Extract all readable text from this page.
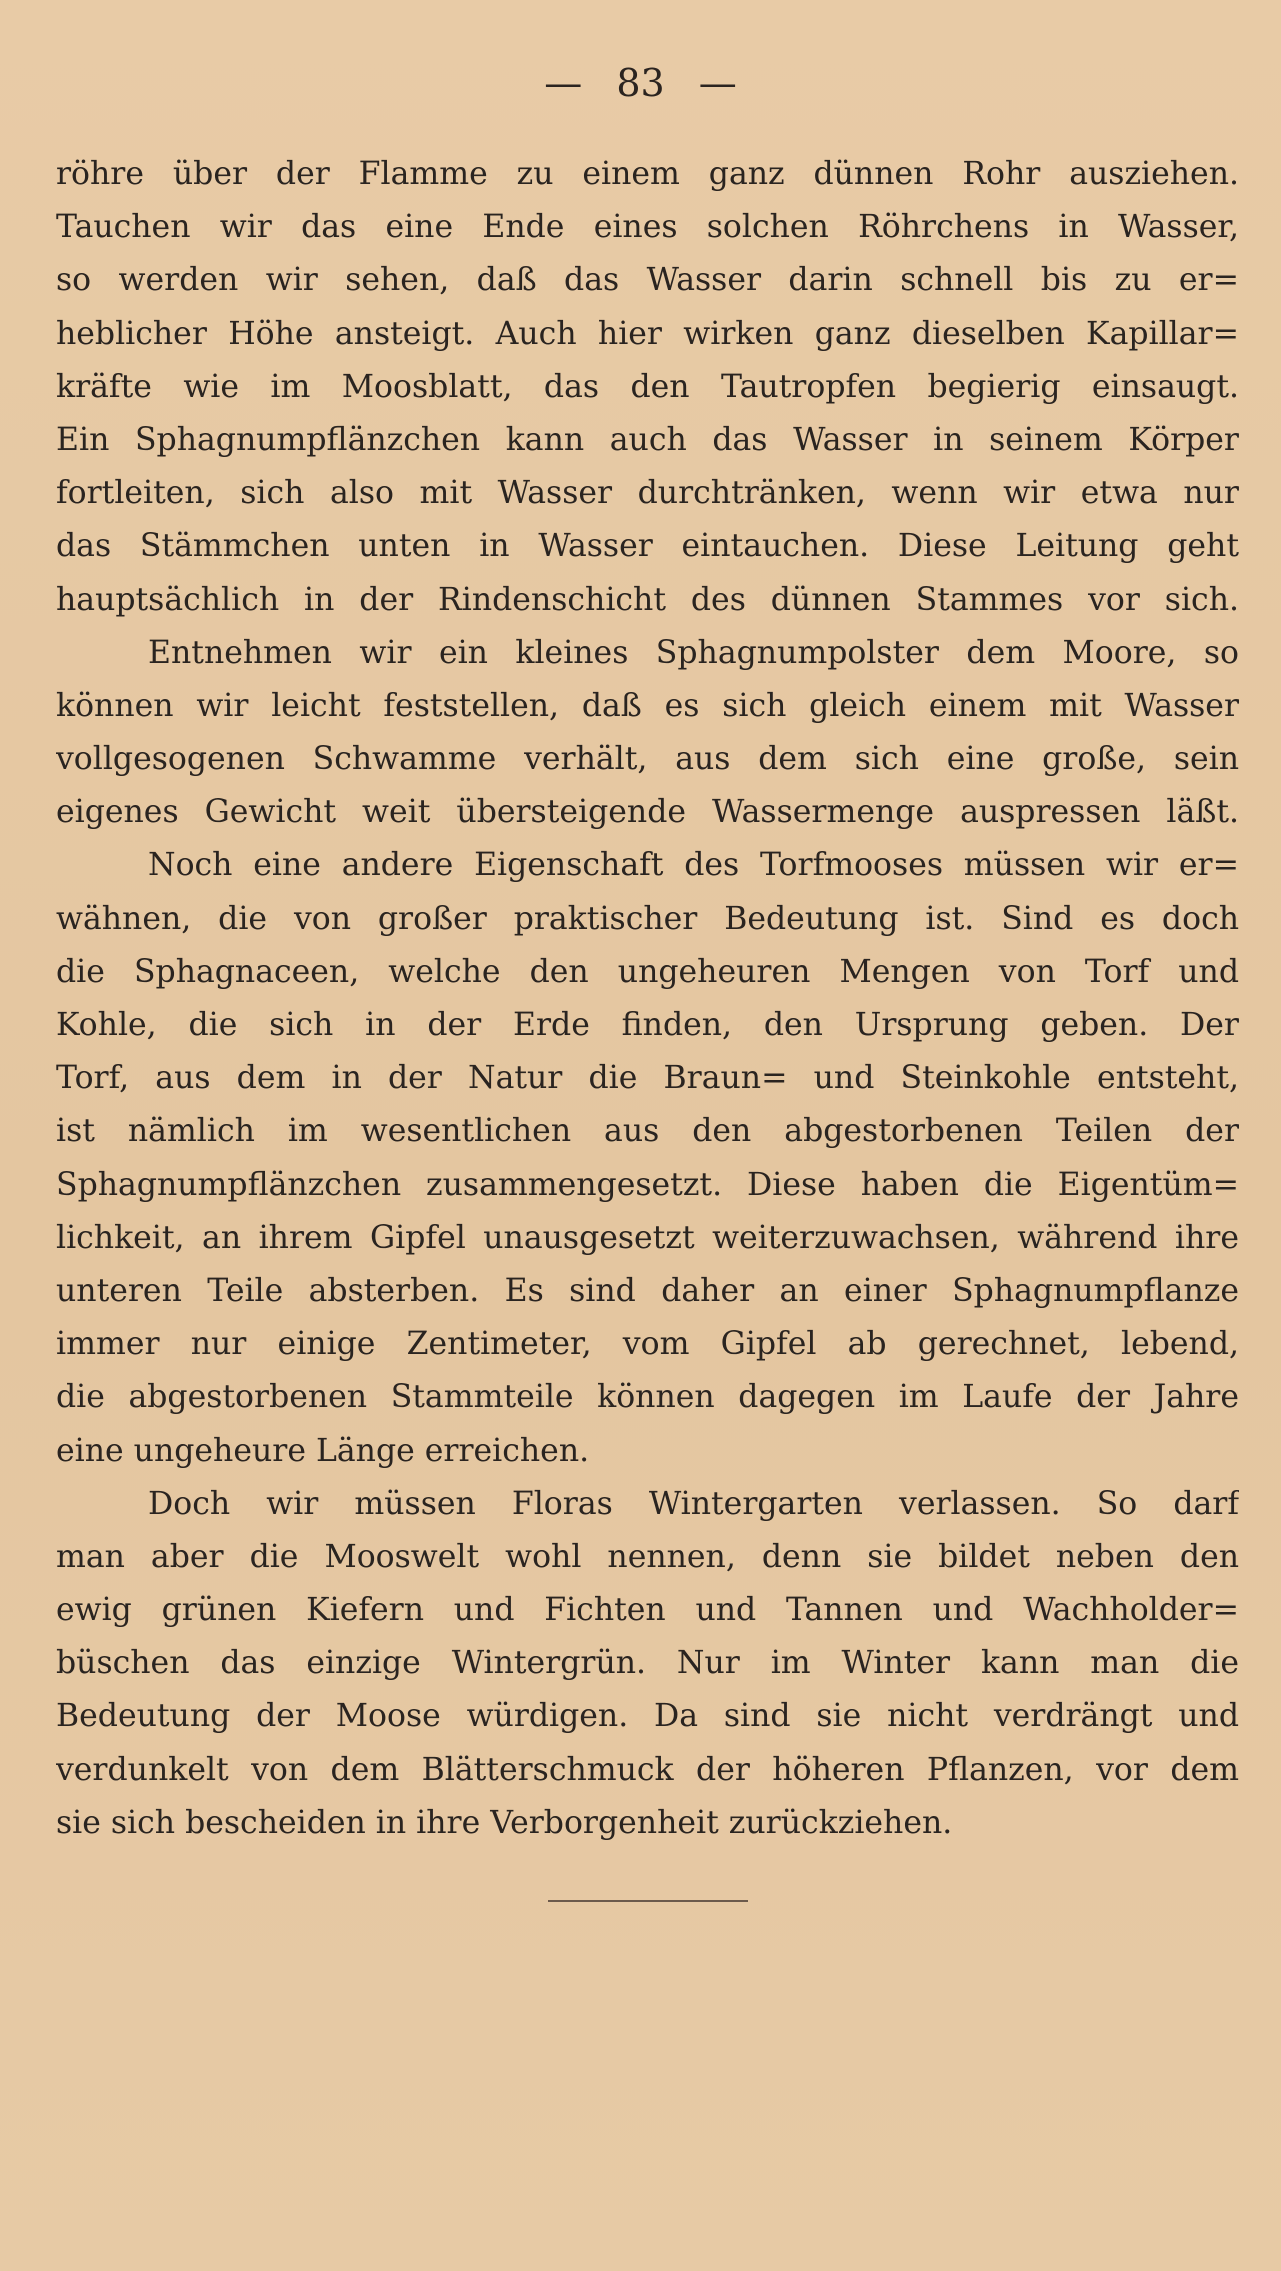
— 83 —
röhre über der Flamme zu einem ganz dünnen Rohr ausziehen.
Tauchen wir das eine Ende eines solchen Röhrchens in Wasser,
so werden wir sehen, daß das Wasser darin schnell bis zu er=
heblicher Höhe ansteigt. Auch hier wirken ganz dieselben Kapillar=
kräfte wie im Moosblatt, das den Tautropfen begierig einsaugt.
Ein Sphagnumpflänzchen kann auch das Wasser in seinem Körper
fortleiten, sich also mit Wasser durchtränken, wenn wir etwa nur
das Stämmchen unten in Wasser eintauchen. Diese Leitung geht
hauptsächlich in der Rindenschicht des dünnen Stammes vor sich.
Entnehmen wir ein kleines Sphagnumpolster dem Moore, so
können wir leicht feststellen, daß es sich gleich einem mit Wasser
vollgesogenen Schwamme verhält, aus dem sich eine große, sein
eigenes Gewicht weit übersteigende Wassermenge auspressen läßt.
Noch eine andere Eigenschaft des Torfmooses müssen wir er=
wähnen, die von großer praktischer Bedeutung ist. Sind es doch
die Sphagnaceen, welche den ungeheuren Mengen von Torf und
Kohle, die sich in der Erde finden, den Ursprung geben. Der
Torf, aus dem in der Natur die Braun= und Steinkohle entsteht,
ist nämlich im wesentlichen aus den abgestorbenen Teilen der
Sphagnumpflänzchen zusammengesetzt. Diese haben die Eigentüm=
lichkeit, an ihrem Gipfel unausgesetzt weiterzuwachsen, während ihre
unteren Teile absterben. Es sind daher an einer Sphagnumpflanze
immer nur einige Zentimeter, vom Gipfel ab gerechnet, lebend,
die abgestorbenen Stammteile können dagegen im Laufe der Jahre
eine ungeheure Länge erreichen.
Doch wir müssen Floras Wintergarten verlassen. So darf
man aber die Mooswelt wohl nennen, denn sie bildet neben den
ewig grünen Kiefern und Fichten und Tannen und Wachholder=
büschen das einzige Wintergrün. Nur im Winter kann man die
Bedeutung der Moose würdigen. Da sind sie nicht verdrängt und
verdunkelt von dem Blätterschmuck der höheren Pflanzen, vor dem
sie sich bescheiden in ihre Verborgenheit zurückziehen.
